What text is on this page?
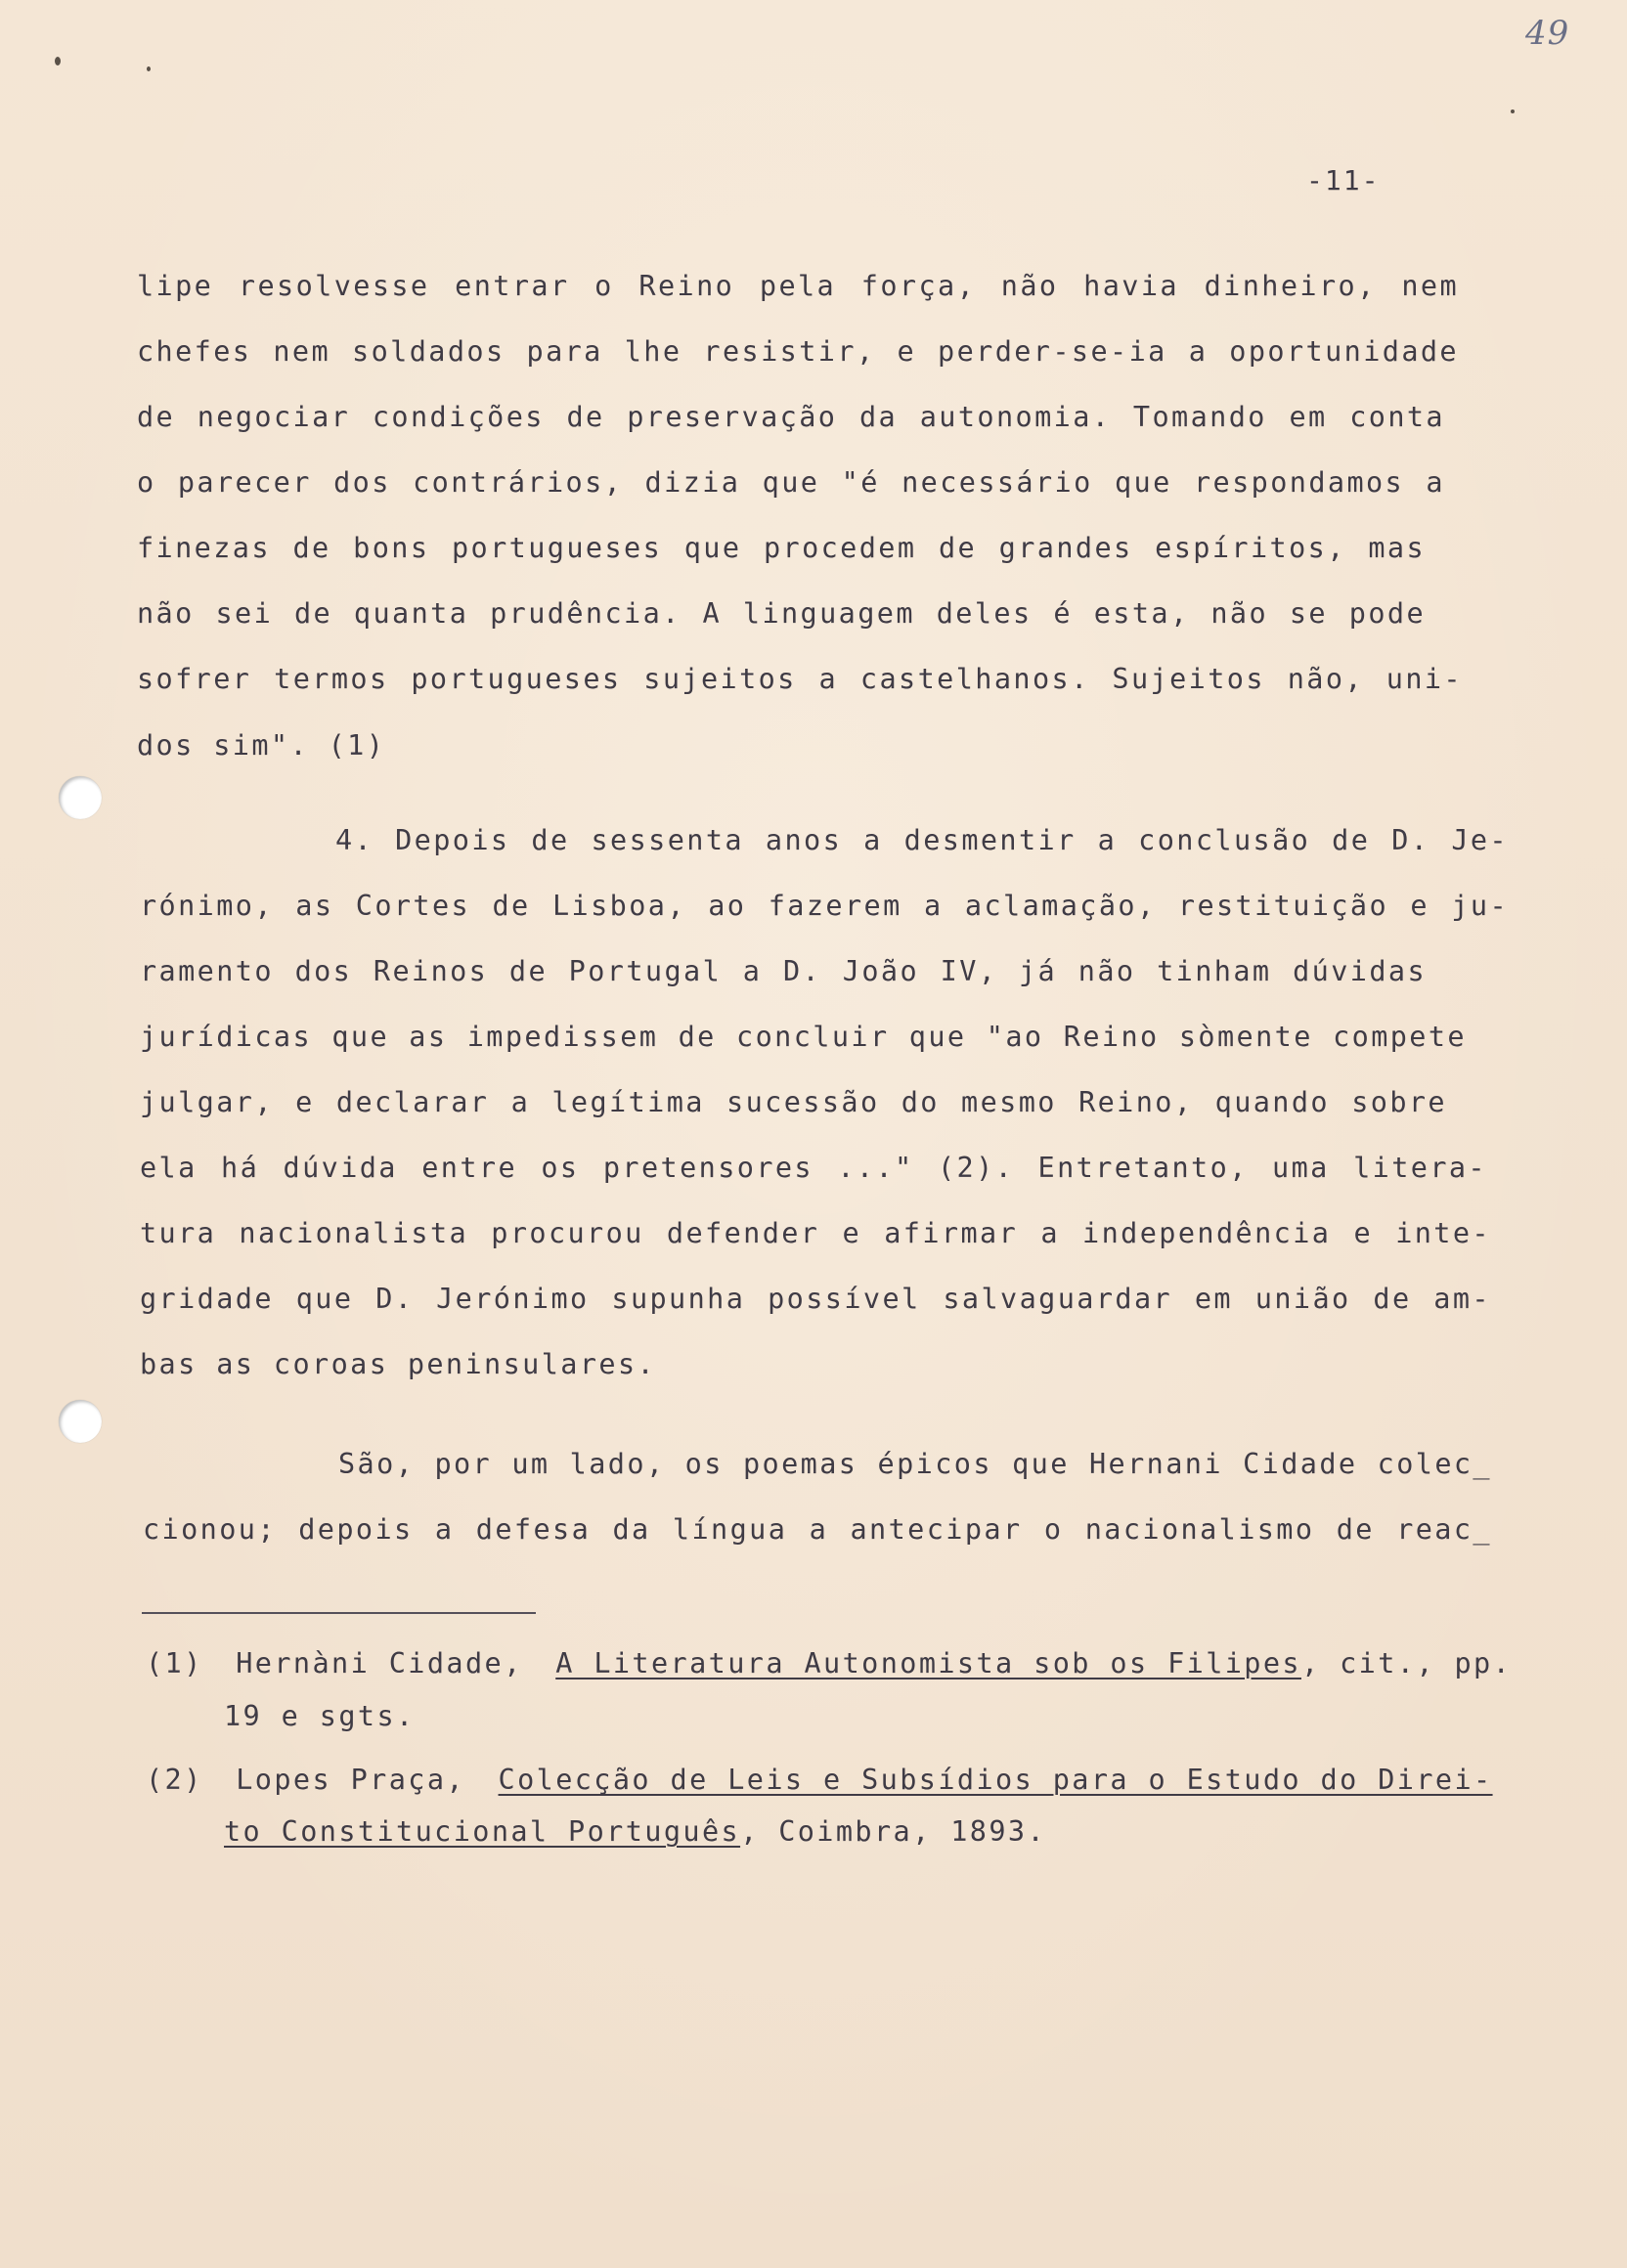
49
-11-
lipe resolvesse entrar o Reino pela força, não havia dinheiro, nem
chefes nem soldados para lhe resistir, e perder-se-ia a oportunidade
de negociar condições de preservação da autonomia. Tomando em conta
o parecer dos contrários, dizia que "é necessário que respondamos a
finezas de bons portugueses que procedem de grandes espíritos, mas
não sei de quanta prudência. A linguagem deles é esta, não se pode
sofrer termos portugueses sujeitos a castelhanos. Sujeitos não, uni-
dos sim". (1)
4. Depois de sessenta anos a desmentir a conclusão de D. Je-
rónimo, as Cortes de Lisboa, ao fazerem a aclamação, restituição e ju-
ramento dos Reinos de Portugal a D. João IV, já não tinham dúvidas
jurídicas que as impedissem de concluir que "ao Reino sòmente compete
julgar, e declarar a legítima sucessão do mesmo Reino, quando sobre
ela há dúvida entre os pretensores ..." (2). Entretanto, uma litera-
tura nacionalista procurou defender e afirmar a independência e inte-
gridade que D. Jerónimo supunha possível salvaguardar em união de am-
bas as coroas peninsulares.
São, por um lado, os poemas épicos que Hernani Cidade colec_
cionou; depois a defesa da língua a antecipar o nacionalismo de reac_
(1) Hernàni Cidade, A Literatura Autonomista sob os Filipes, cit., pp.
19 e sgts.
(2) Lopes Praça, Colecção de Leis e Subsídios para o Estudo do Direi-
to Constitucional Português, Coimbra, 1893.
